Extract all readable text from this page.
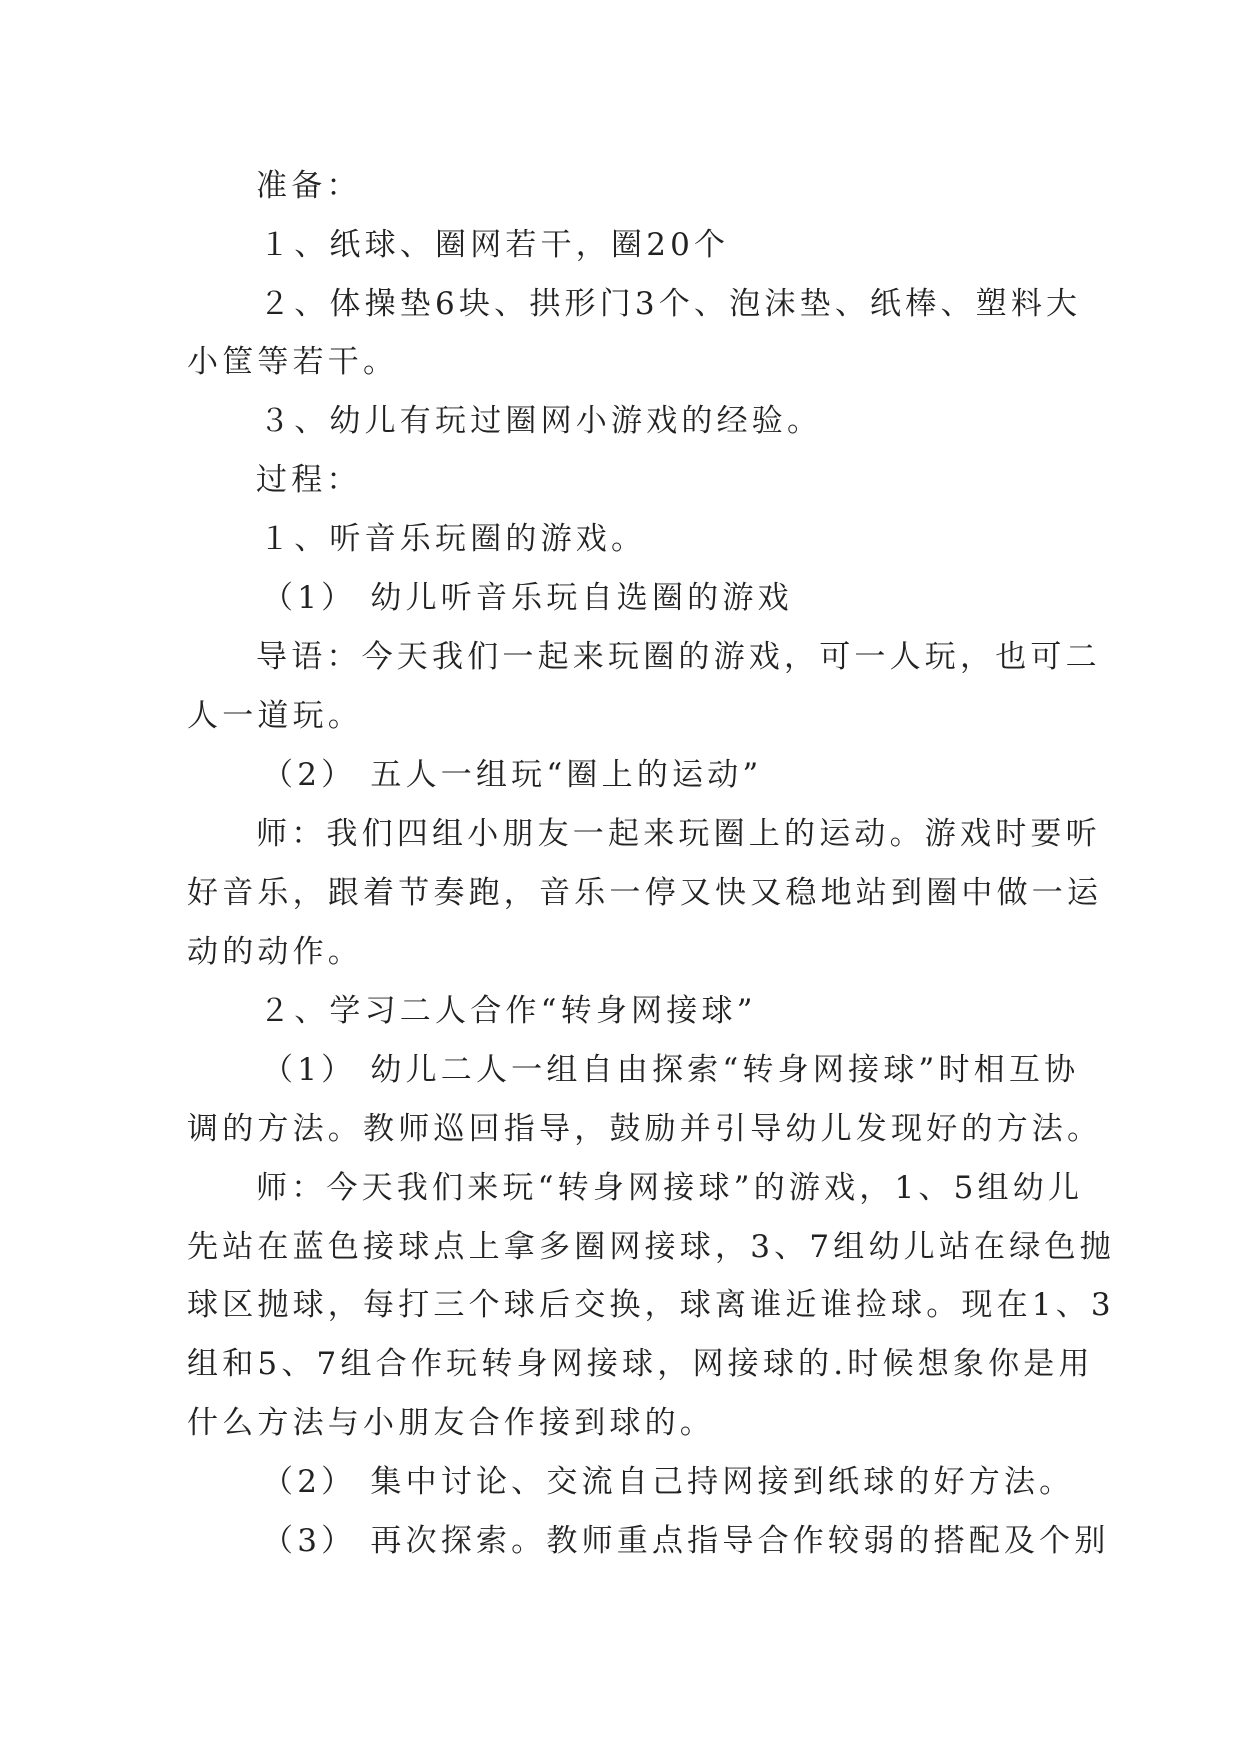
准备：
１、纸球、圈网若干，圈20个
２、体操垫6块、拱形门3个、泡沫垫、纸棒、塑料大
小筐等若干。
３、幼儿有玩过圈网小游戏的经验。
过程：
１、听音乐玩圈的游戏。
（1） 幼儿听音乐玩自选圈的游戏
导语：今天我们一起来玩圈的游戏，可一人玩，也可二
人一道玩。
（2） 五人一组玩“圈上的运动”
师：我们四组小朋友一起来玩圈上的运动。游戏时要听
好音乐，跟着节奏跑，音乐一停又快又稳地站到圈中做一运
动的动作。
２、学习二人合作“转身网接球”
（1） 幼儿二人一组自由探索“转身网接球”时相互协
调的方法。教师巡回指导，鼓励并引导幼儿发现好的方法。
师：今天我们来玩“转身网接球”的游戏，1、5组幼儿
先站在蓝色接球点上拿多圈网接球，3、7组幼儿站在绿色抛
球区抛球，每打三个球后交换，球离谁近谁捡球。现在1、3
组和5、7组合作玩转身网接球，网接球的.时候想象你是用
什么方法与小朋友合作接到球的。
（2） 集中讨论、交流自己持网接到纸球的好方法。
（3） 再次探索。教师重点指导合作较弱的搭配及个别
